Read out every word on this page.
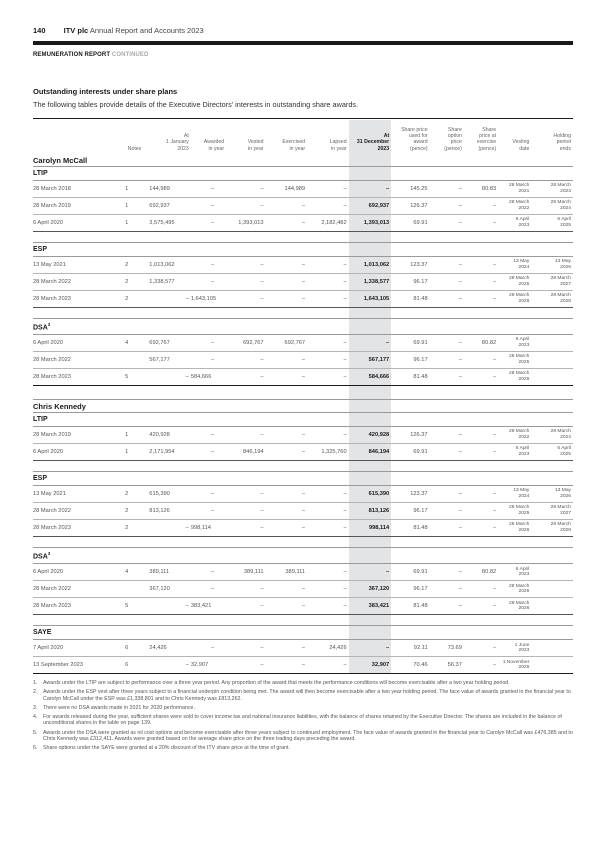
140 ITV plc Annual Report and Accounts 2023
REMUNERATION REPORT CONTINUED
Outstanding interests under share plans
The following tables provide details of the Executive Directors' interests in outstanding share awards.
	Notes	At
1 January
2023	Awarded
in year	Vested
in year	Exercised
in year	Lapsed
in year	At
31 December
2023	Share price
used for
award
(pence)	Share
option
price
(pence)	Share
price at
exercise
(pence)	Vesting
date	Holding
period
ends
Carolyn McCall												
LTIP												
28 March 2018	1	144,989	–	–	144,989	–	–	145.25	–	80.83	28 March
2021	28 March
2023
28 March 2019	1	692,937	–	–	–	–	692,937	126.37	–	–	28 March
2022	28 March
2024
6 April 2020	1	3,575,495	–	1,393,013	–	2,182,482	1,393,013	69.91	–	–	6 April
2023	6 April
2025

ESP												
13 May 2021	2	1,013,062	–	–	–	–	1,013,062	123.37	–	–	13 May
2024	13 May
2026
28 March 2022	2	1,338,577	–	–	–	–	1,338,577	96.17	–	–	28 March
2025	28 March
2027
28 March 2023	2	–	1,643,105	–	–	–	1,643,105	81.48	–	–	28 March
2026	28 March
2028

DSA$^3$
6 April 2020	4	692,767	–	692,767	692,767	–	–	69.91	–	80.82	6 April
2023	
28 March 2022		567,177	–	–	–	–	567,177	96.17	–	–	28 March
2025	
28 March 2023	5	–	584,666	–	–	–	584,666	81.48	–	–	28 March
2026	

Chris Kennedy												
LTIP												
28 March 2019	1	420,928	–	–	–	–	420,928	126.37	–	–	28 March
2022	28 March
2024
6 April 2020	1	2,171,954	–	846,194	–	1,325,760	846,194	69.91	–	–	6 April
2023	6 April
2025

ESP												
13 May 2021	2	615,390	–	–	–	–	615,390	123.37	–	–	13 May
2024	13 May
2026
28 March 2022	2	813,126	–	–	–	–	813,126	96.17	–	–	28 March
2025	28 March
2027
28 March 2023	2	–	998,114	–	–	–	998,114	81.48	–	–	28 March
2026	28 March
2028

DSA$^3$
6 April 2020	4	389,111	–	389,111	389,111	–	–	69.91	–	80.82	6 April
2023	
28 March 2022		367,120	–	–	–	–	367,120	96.17	–	–	28 March
2025	
28 March 2023	5	–	383,421	–	–	–	383,421	81.48	–	–	28 March
2026	

SAYE												
7 April 2020	6	24,426	–	–	–	24,426	–	92.11	73.69	–	1 June
2023	
13 September 2023	6	–	32,907	–	–	–	32,907	70.46	56.37	–	1 November
2026	
1.	Awards under the LTIP are subject to performance over a three year period. Any proportion of the award that meets the performance conditions will become exercisable after a two year holding period.
2.	Awards under the ESP vest after three years subject to a financial underpin condition being met. The award will then become exercisable after a two year holding period. The face value of awards granted in the financial year to Carolyn McCall under the ESP was £1,338,801 and to Chris Kennedy was £813,262.
3.	There were no DSA awards made in 2021 for 2020 performance.
4.	For awards released during the year, sufficient shares were sold to cover income tax and national insurance liabilities, with the balance of shares retained by the Executive Director. The shares are included in the balance of unconditional shares in the table on page 139.
5.	Awards under the DSA were granted as nil cost options and become exercisable after three years subject to continued employment. The face value of awards granted in the financial year to Carolyn McCall was £476,385 and to Chris Kennedy was £312,411. Awards were granted based on the average share price on the three trading days preceding the award.
6.	Share options under the SAYE were granted at a 20% discount of the ITV share price at the time of grant.
